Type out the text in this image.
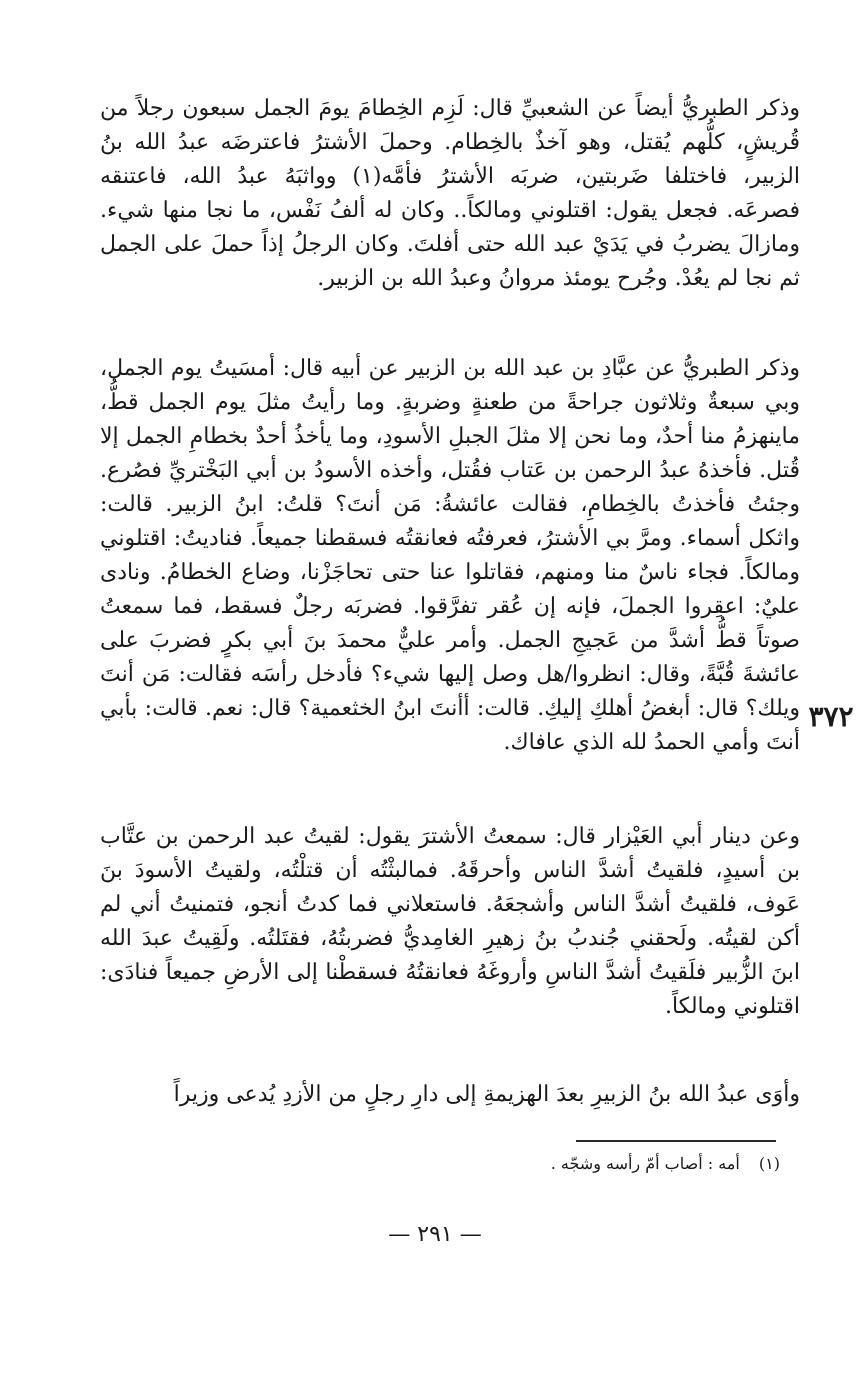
وذكر الطبريُّ أيضاً عن الشعبيِّ قال: لَزِم الخِطامَ يومَ الجمل سبعون رجلاً من قُريشٍ، كلُّهم يُقتل، وهو آخذٌ بالخِطام. وحملَ الأشترُ فاعترضَه عبدُ الله بنُ الزبير، فاختلفا ضَربتين، ضربَه الأشترُ فأمَّه(١) وواثبَهُ عبدُ الله، فاعتنقه فصرعَه. فجعل يقول: اقتلوني ومالكاً.. وكان له ألفُ نَفْس، ما نجا منها شيء. ومازالَ يضربُ في يَدَيْ عبد الله حتى أفلتَ. وكان الرجلُ إذاً حملَ على الجمل ثم نجا لم يعُدْ. وجُرح يومئذ مروانُ وعبدُ الله بن الزبير.

وذكر الطبريُّ عن عبَّادِ بن عبد الله بن الزبير عن أبيه قال: أمسَيتُ يوم الجمل، وبي سبعةٌ وثلاثون جراحةً من طعنةٍ وضربةٍ. وما رأيتُ مثلَ يوم الجمل قطُّ، ماينهزمُ منا أحدٌ، وما نحن إلا مثلَ الجبلِ الأسودِ، وما يأخذُ أحدٌ بخطامِ الجمل إلا قُتل. فأخذهُ عبدُ الرحمن بن عَتاب فقُتل، وأخذه الأسودُ بن أبي البَخْتريِّ فصُرع. وجئتُ فأخذتُ بالخِطامِ، فقالت عائشةُ: مَن أنتَ؟ قلتُ: ابنُ الزبير. قالت: واثكل أسماء. ومرَّ بي الأشترُ، فعرفتُه فعانقتُه فسقطنا جميعاً. فناديتُ: اقتلوني ومالكاً. فجاء ناسٌ منا ومنهم، فقاتلوا عنا حتى تحاجَزْنا، وضاع الخطامُ. ونادى عليٌ: اعقِروا الجملَ، فإنه إن عُقر تفرَّقوا. فضربَه رجلٌ فسقط، فما سمعتُ صوتاً قطُّ أشدَّ من عَجيجِ الجمل. وأمر عليٌّ محمدَ بنَ أبي بكرٍ فضربَ على عائشةَ قُبَّةً، وقال: انظروا/هل وصل إليها شيء؟ فأدخل رأسَه فقالت: مَن أنتَ ويلك؟ قال: أبغضُ أهلكِ إليكِ. قالت: أأنتَ ابنُ الخثعمية؟ قال: نعم. قالت: بأبي أنتَ وأمي الحمدُ لله الذي عافاك.

٣٧٢

وعن دينار أبي العَيْزار قال: سمعتُ الأشترَ يقول: لقيتُ عبد الرحمن بن عتَّاب بن أسيدٍ، فلقيتُ أشدَّ الناس وأحرقَهُ. فمالبثْتُه أن قتلْتُه، ولقيتُ الأسودَ بنَ عَوف، فلقيتُ أشدَّ الناس وأشجعَهُ. فاستعلاني فما كدتُ أنجو، فتمنيتُ أني لم أكن لقيتُه. ولَحقني جُندبُ بنُ زهيرِ الغامِديُّ فضربتُهُ، فقتَلتُه. ولَقِيتُ عبدَ الله ابنَ الزُّبير فلَقيتُ أشدَّ الناسِ وأروغَهُ فعانقتُهُ فسقطْنا إلى الأرضِ جميعاً فنادَى: اقتلوني ومالكاً.

وأوَى عبدُ الله بنُ الزبيرِ بعدَ الهزيمةِ إلى دارِ رجلٍ من الأزدِ يُدعى وزيراً

(١) أمه : أصاب أمّ رأسه وشجّه .
— ٢٩١ —
